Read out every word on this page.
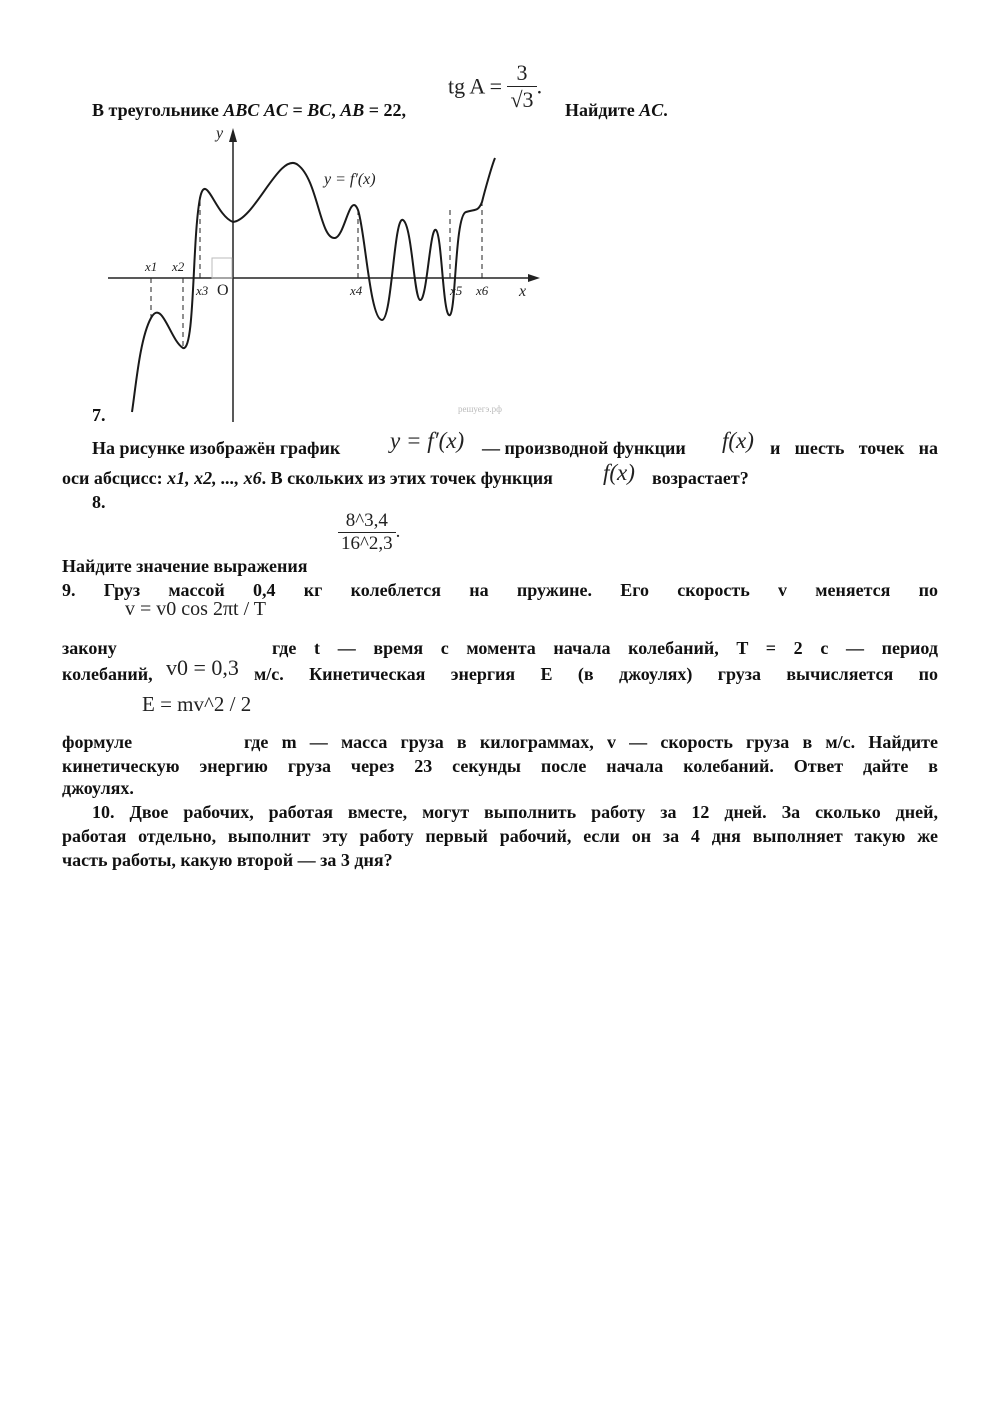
В треугольнике ABC AC = BC, AB = 22,
tg $A = \frac{3}{√3}$ .
Найдите AC.
y = f′(x)
y
x
O
x1 x2
x3	x4	x5 x6
решуегэ.рф
7.
На рисунке изображён график y = f′(x) — производной функции f(x) и шесть точек на
оси абсцисс: x1, x2, ..., x6. В скольких из этих точек функция f(x) возрастает?
8.
Найдите значение выражения
$\frac{8\^{}3,4}{16\^{}2,3}$ .
9. Груз массой 0,4 кг колеблется на пружине. Его скорость v меняется по
v = v0 cos 2πt / T
закону	где t — время с момента начала колебаний, T = 2 с — период
колебаний, v0 = 0,3 м/с. Кинетическая энергия E (в джоулях) груза вычисляется по
E = mv^2 / 2
формуле	где m — масса груза в килограммах, v — скорость груза в м/с. Найдите
кинетическую энергию груза через 23 секунды после начала колебаний. Ответ дайте в
джоулях.
10. Двое рабочих, работая вместе, могут выполнить работу за 12 дней. За сколько дней,
работая отдельно, выполнит эту работу первый рабочий, если он за 4 дня выполняет такую же
часть работы, какую второй — за 3 дня?
